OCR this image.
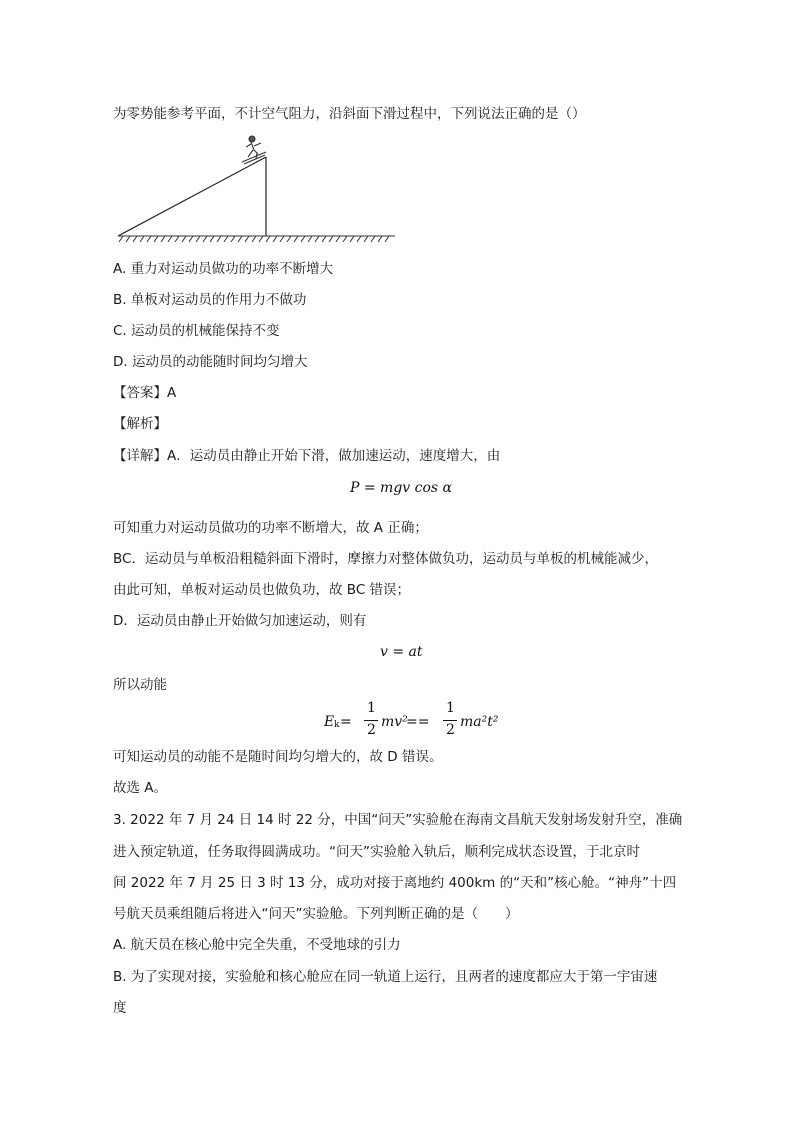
为零势能参考平面，不计空气阻力，沿斜面下滑过程中，下列说法正确的是（）
A. 重力对运动员做功的功率不断增大
B. 单板对运动员的作用力不做功
C. 运动员的机械能保持不变
D. 运动员的动能随时间均匀增大
【答案】A
【解析】
【详解】A．运动员由静止开始下滑，做加速运动，速度增大，由
P = mgv cos α
可知重力对运动员做功的功率不断增大，故 A 正确；
BC．运动员与单板沿粗糙斜面下滑时，摩擦力对整体做负功，运动员与单板的机械能减少，
由此可知，单板对运动员也做负功，故 BC 错误；
D．运动员由静止开始做匀加速运动，则有
v = at
所以动能
E k =
1
2 mv²
==
1
2 ma²t²
可知运动员的动能不是随时间均匀增大的，故 D 错误。
故选 A。
3. 2022 年 7 月 24 日 14 时 22 分，中国“问天”实验舱在海南文昌航天发射场发射升空，准确
进入预定轨道，任务取得圆满成功。“问天”实验舱入轨后，顺利完成状态设置，于北京时
间 2022 年 7 月 25 日 3 时 13 分，成功对接于离地约 400km 的“天和”核心舱。“神舟”十四
号航天员乘组随后将进入“问天”实验舱。下列判断正确的是（　　）
A. 航天员在核心舱中完全失重，不受地球的引力
B. 为了实现对接，实验舱和核心舱应在同一轨道上运行，且两者的速度都应大于第一宇宙速
度
